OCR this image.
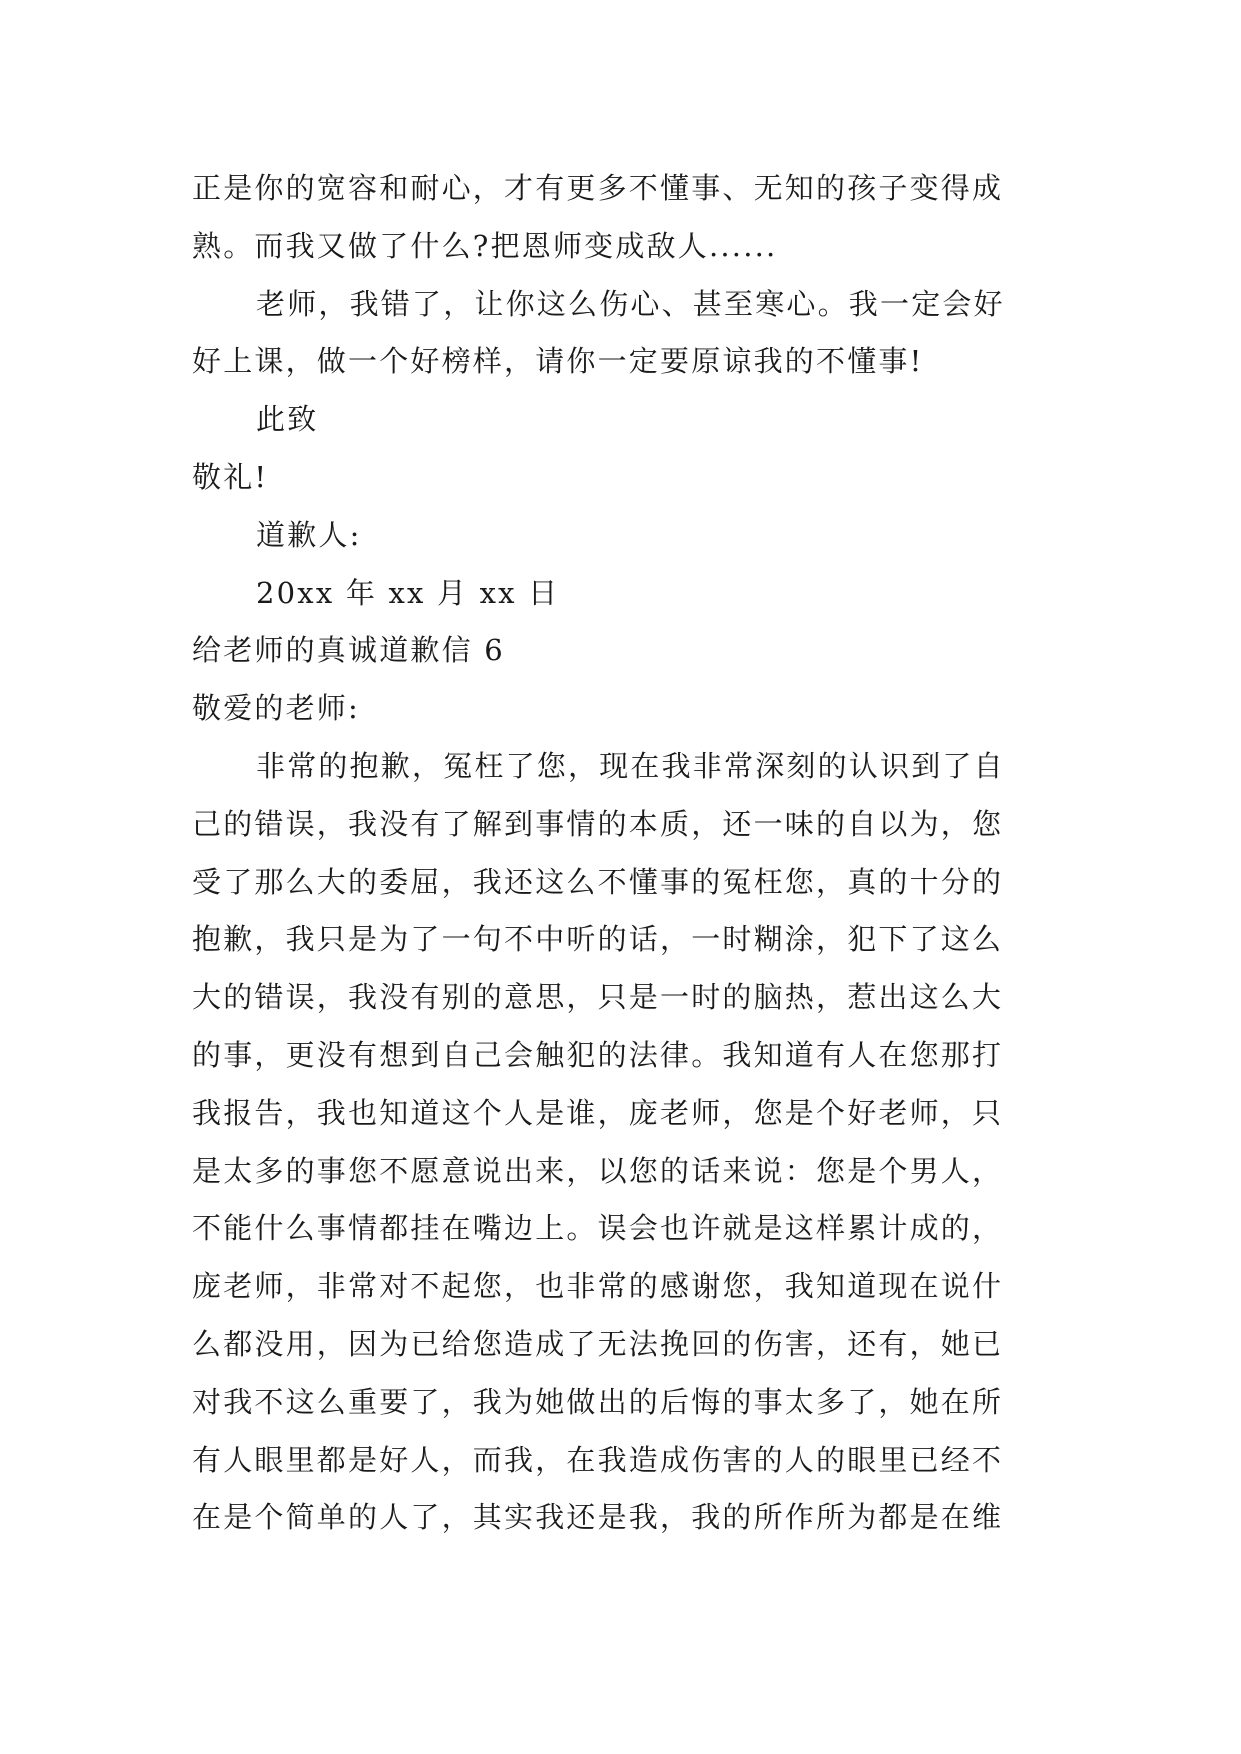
正是你的宽容和耐心，才有更多不懂事、无知的孩子变得成
熟。而我又做了什么?把恩师变成敌人......
老师，我错了，让你这么伤心、甚至寒心。我一定会好
好上课，做一个好榜样，请你一定要原谅我的不懂事!
此致
敬礼!
道歉人:
20xx 年 xx 月 xx 日
给老师的真诚道歉信 6
敬爱的老师:
非常的抱歉，冤枉了您，现在我非常深刻的认识到了自
己的错误，我没有了解到事情的本质，还一味的自以为，您
受了那么大的委屈，我还这么不懂事的冤枉您，真的十分的
抱歉，我只是为了一句不中听的话，一时糊涂，犯下了这么
大的错误，我没有别的意思，只是一时的脑热，惹出这么大
的事，更没有想到自己会触犯的法律。我知道有人在您那打
我报告，我也知道这个人是谁，庞老师，您是个好老师，只
是太多的事您不愿意说出来，以您的话来说：您是个男人，
不能什么事情都挂在嘴边上。误会也许就是这样累计成的，
庞老师，非常对不起您，也非常的感谢您，我知道现在说什
么都没用，因为已给您造成了无法挽回的伤害，还有，她已
对我不这么重要了，我为她做出的后悔的事太多了，她在所
有人眼里都是好人，而我，在我造成伤害的人的眼里已经不
在是个简单的人了，其实我还是我，我的所作所为都是在维
